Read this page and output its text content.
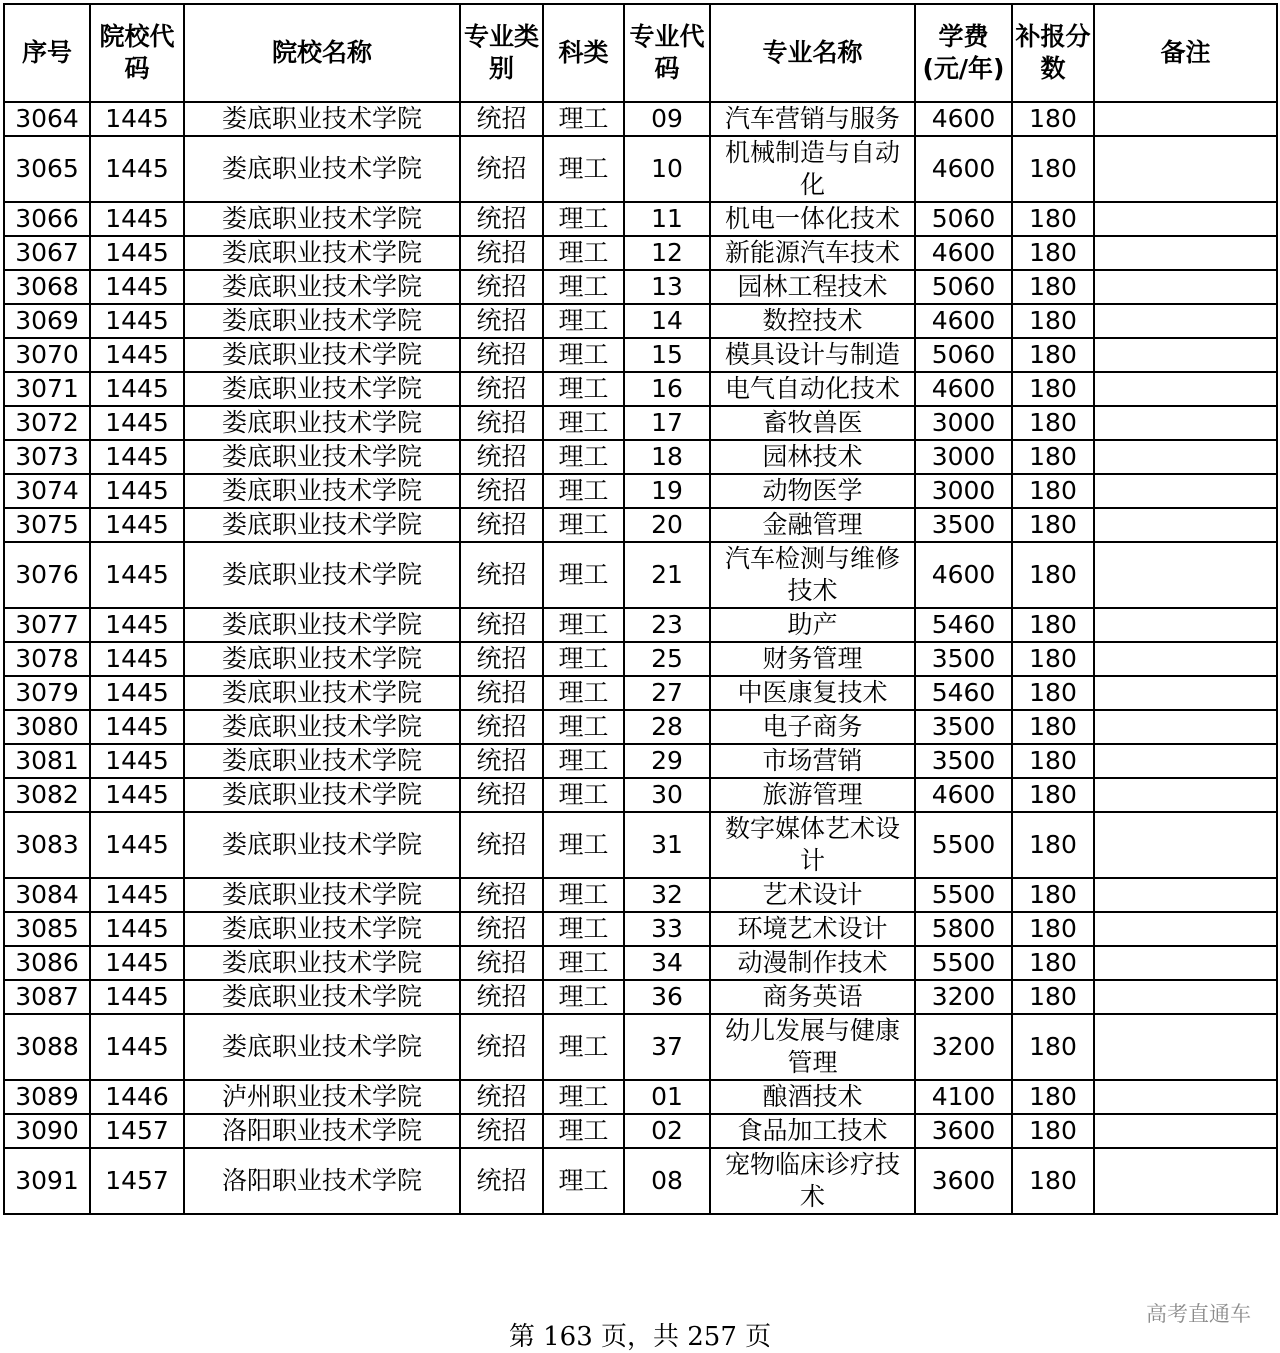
序号	院校代码	院校名称	专业类别	科类	专业代码	专业名称	学费(元/年)	补报分数	备注
3064	1445	娄底职业技术学院	统招	理工	09	汽车营销与服务	4600	180	
3065	1445	娄底职业技术学院	统招	理工	10	机械制造与自动化	4600	180	
3066	1445	娄底职业技术学院	统招	理工	11	机电一体化技术	5060	180	
3067	1445	娄底职业技术学院	统招	理工	12	新能源汽车技术	4600	180	
3068	1445	娄底职业技术学院	统招	理工	13	园林工程技术	5060	180	
3069	1445	娄底职业技术学院	统招	理工	14	数控技术	4600	180	
3070	1445	娄底职业技术学院	统招	理工	15	模具设计与制造	5060	180	
3071	1445	娄底职业技术学院	统招	理工	16	电气自动化技术	4600	180	
3072	1445	娄底职业技术学院	统招	理工	17	畜牧兽医	3000	180	
3073	1445	娄底职业技术学院	统招	理工	18	园林技术	3000	180	
3074	1445	娄底职业技术学院	统招	理工	19	动物医学	3000	180	
3075	1445	娄底职业技术学院	统招	理工	20	金融管理	3500	180	
3076	1445	娄底职业技术学院	统招	理工	21	汽车检测与维修技术	4600	180	
3077	1445	娄底职业技术学院	统招	理工	23	助产	5460	180	
3078	1445	娄底职业技术学院	统招	理工	25	财务管理	3500	180	
3079	1445	娄底职业技术学院	统招	理工	27	中医康复技术	5460	180	
3080	1445	娄底职业技术学院	统招	理工	28	电子商务	3500	180	
3081	1445	娄底职业技术学院	统招	理工	29	市场营销	3500	180	
3082	1445	娄底职业技术学院	统招	理工	30	旅游管理	4600	180	
3083	1445	娄底职业技术学院	统招	理工	31	数字媒体艺术设计	5500	180	
3084	1445	娄底职业技术学院	统招	理工	32	艺术设计	5500	180	
3085	1445	娄底职业技术学院	统招	理工	33	环境艺术设计	5800	180	
3086	1445	娄底职业技术学院	统招	理工	34	动漫制作技术	5500	180	
3087	1445	娄底职业技术学院	统招	理工	36	商务英语	3200	180	
3088	1445	娄底职业技术学院	统招	理工	37	幼儿发展与健康管理	3200	180	
3089	1446	泸州职业技术学院	统招	理工	01	酿酒技术	4100	180	
3090	1457	洛阳职业技术学院	统招	理工	02	食品加工技术	3600	180	
3091	1457	洛阳职业技术学院	统招	理工	08	宠物临床诊疗技术	3600	180	
高考直通车
第 163 页，共 257 页
